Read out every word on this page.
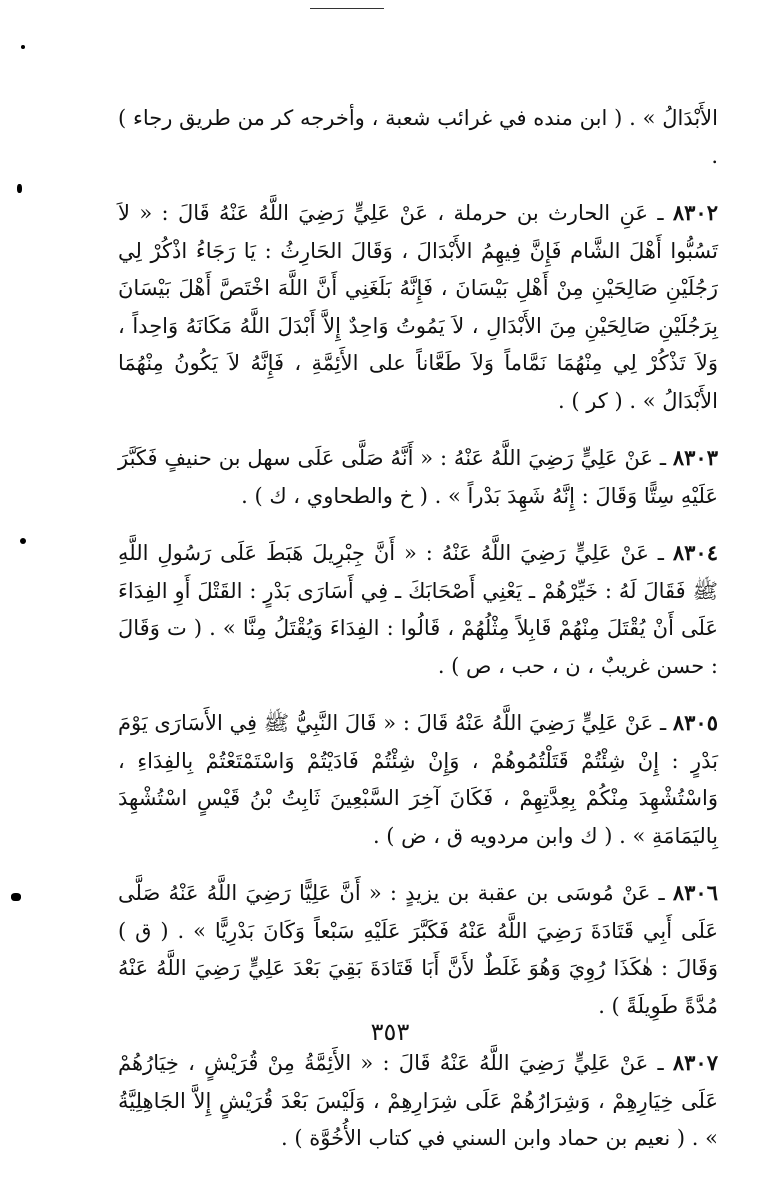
الأَبْدَالُ » . ( ابن منده في غرائب شعبة ، وأخرجه كر من طريق رجاء ) .

٨٣٠٢

ـ عَنِ الحارث بن حرملة ، عَنْ عَلِيٍّ رَضِيَ اللَّهُ عَنْهُ قَالَ : « لاَ تَسُبُّوا أَهْلَ الشَّام فَإِنَّ فِيهِمُ الأَبْدَالَ ، وَقَالَ الحَارِثُ : يَا رَجَاءُ اذْكُرْ لِي رَجُلَيْنِ صَالِحَيْنِ مِنْ أَهْلِ بَيْسَانَ ، فَإِنَّهُ بَلَغَنِي أَنَّ اللَّهَ اخْتَصَّ أَهْلَ بَيْسَانَ بِرَجُلَيْنِ صَالِحَيْنِ مِنَ الأَبْدَالِ ، لاَ يَمُوتُ وَاحِدٌ إِلاَّ أَبْدَلَ اللَّهُ مَكَانَهُ وَاحِداً ، وَلاَ تَذْكُرْ لِي مِنْهُمَا نَمَّاماً وَلاَ طَعَّاناً على الأَئِمَّةِ ، فَإِنَّهُ لاَ يَكُونُ مِنْهُمَا الأَبْدَالُ » . ( كر ) .

٨٣٠٣

ـ عَنْ عَلِيٍّ رَضِيَ اللَّهُ عَنْهُ : « أَنَّهُ صَلَّى عَلَى سهل بن حنيفٍ فَكَبَّرَ عَلَيْهِ سِتًّا وَقَالَ : إِنَّهُ شَهِدَ بَدْراً » . ( خ والطحاوي ، ك ) .

٨٣٠٤

ـ عَنْ عَلِيٍّ رَضِيَ اللَّهُ عَنْهُ : « أَنَّ جِبْرِيلَ هَبَطَ عَلَى رَسُولِ اللَّهِ ﷺ فَقَالَ لَهُ : خَيِّرْهُمْ ـ يَعْنِي أَصْحَابَكَ ـ فِي أَسَارَى بَدْرٍ : القَتْلَ أَوِ الفِدَاءَ عَلَى أَنْ يُقْتَلَ مِنْهُمْ قَابِلاً مِثْلُهُمْ ، قَالُوا : الفِدَاءَ وَيُقْتَلُ مِنَّا » . ( ت وَقَالَ : حسن غريبٌ ، ن ، حب ، ص ) .

٨٣٠٥

ـ عَنْ عَلِيٍّ رَضِيَ اللَّهُ عَنْهُ قَالَ : « قَالَ النَّبِيُّ ﷺ فِي الأَسَارَى يَوْمَ بَدْرٍ : إِنْ شِئْتُمْ قَتَلْتُمُوهُمْ ، وَإِنْ شِئْتُمْ فَادَيْتُمْ وَاسْتَمْتَعْتُمْ بِالفِدَاءِ ، وَاسْتُشْهِدَ مِنْكُمْ بِعِدَّتِهِمْ ، فَكَانَ آخِرَ السَّبْعِينَ ثَابِتُ بْنُ قَيْسٍ اسْتُشْهِدَ بِاليَمَامَةِ » . ( ك وابن مردويه ق ، ض ) .

٨٣٠٦

ـ عَنْ مُوسَى بن عقبة بن يزيدٍ : « أَنَّ عَلِيًّا رَضِيَ اللَّهُ عَنْهُ صَلَّى عَلَى أَبِي قَتَادَةَ رَضِيَ اللَّهُ عَنْهُ فَكَبَّرَ عَلَيْهِ سَبْعاً وَكَانَ بَدْرِيًّا » . ( ق ) وَقَالَ : هٰكَذَا رُوِيَ وَهُوَ غَلَطٌ لأَنَّ أَبَا قَتَادَةَ بَقِيَ بَعْدَ عَلِيٍّ رَضِيَ اللَّهُ عَنْهُ مُدَّةً طَوِيلَةً ) .

٨٣٠٧

ـ عَنْ عَلِيٍّ رَضِيَ اللَّهُ عَنْهُ قَالَ : « الأَئِمَّةُ مِنْ قُرَيْشٍ ، خِيَارُهُمْ عَلَى خِيَارِهِمْ ، وَشِرَارُهُمْ عَلَى شِرَارِهِمْ ، وَلَيْسَ بَعْدَ قُرَيْشٍ إِلاَّ الجَاهِلِيَّةُ » . ( نعيم بن حماد وابن السني في كتاب الأُخُوَّة ) .

٣٥٣
